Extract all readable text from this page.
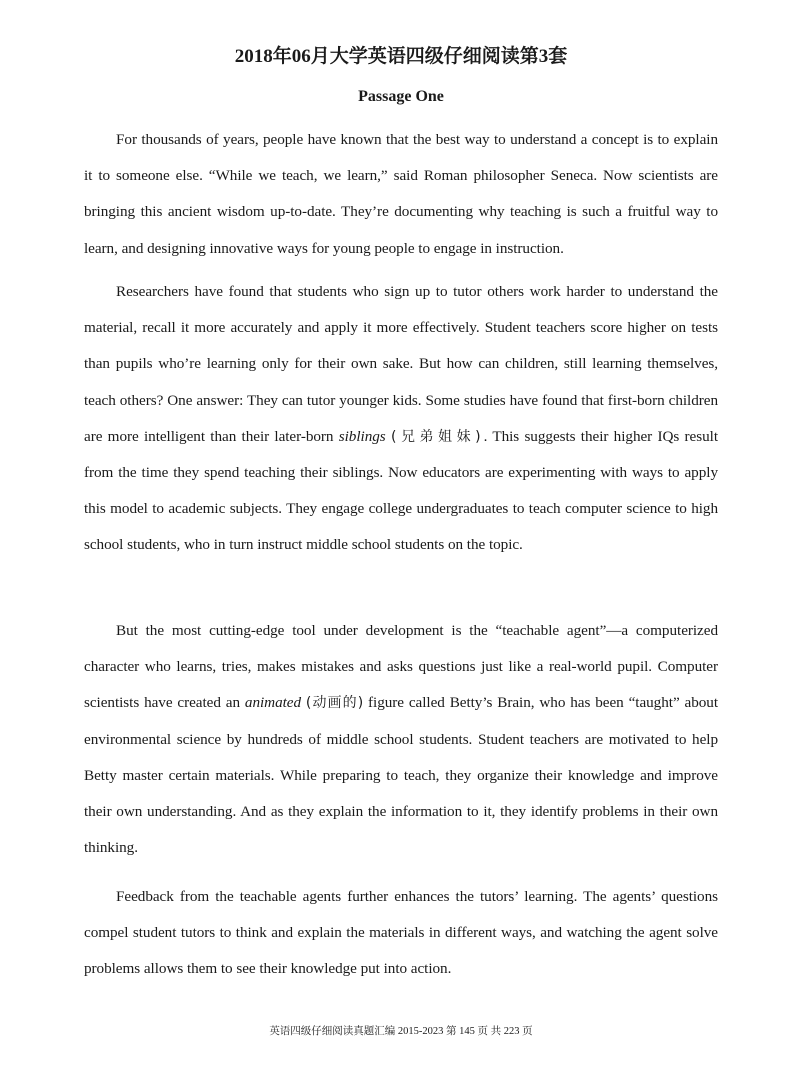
2018年06月大学英语四级仔细阅读第3套
Passage One

For thousands of years, people have known that the best way to understand a concept is to explain it to someone else. “While we teach, we learn,” said Roman philosopher Seneca. Now scientists are bringing this ancient wisdom up-to-date. They’re documenting why teaching is such a fruitful way to learn, and designing innovative ways for young people to engage in instruction.

Researchers have found that students who sign up to tutor others work harder to understand the material, recall it more accurately and apply it more effectively. Student teachers score higher on tests than pupils who’re learning only for their own sake. But how can children, still learning themselves, teach others? One answer: They can tutor younger kids. Some studies have found that first-born children are more intelligent than their later-born siblings (兄弟姐妹). This suggests their higher IQs result from the time they spend teaching their siblings. Now educators are experimenting with ways to apply this model to academic subjects. They engage college undergraduates to teach computer science to high school students, who in turn instruct middle school students on the topic.

But the most cutting-edge tool under development is the “teachable agent”—a computerized character who learns, tries, makes mistakes and asks questions just like a real-world pupil. Computer scientists have created an animated (动画的) figure called Betty’s Brain, who has been “taught” about environmental science by hundreds of middle school students. Student teachers are motivated to help Betty master certain materials. While preparing to teach, they organize their knowledge and improve their own understanding. And as they explain the information to it, they identify problems in their own thinking.

Feedback from the teachable agents further enhances the tutors’ learning. The agents’ questions compel student tutors to think and explain the materials in different ways, and watching the agent solve problems allows them to see their knowledge put into action.

英语四级仔细阅读真题汇编 2015-2023 第 145 页 共 223 页
